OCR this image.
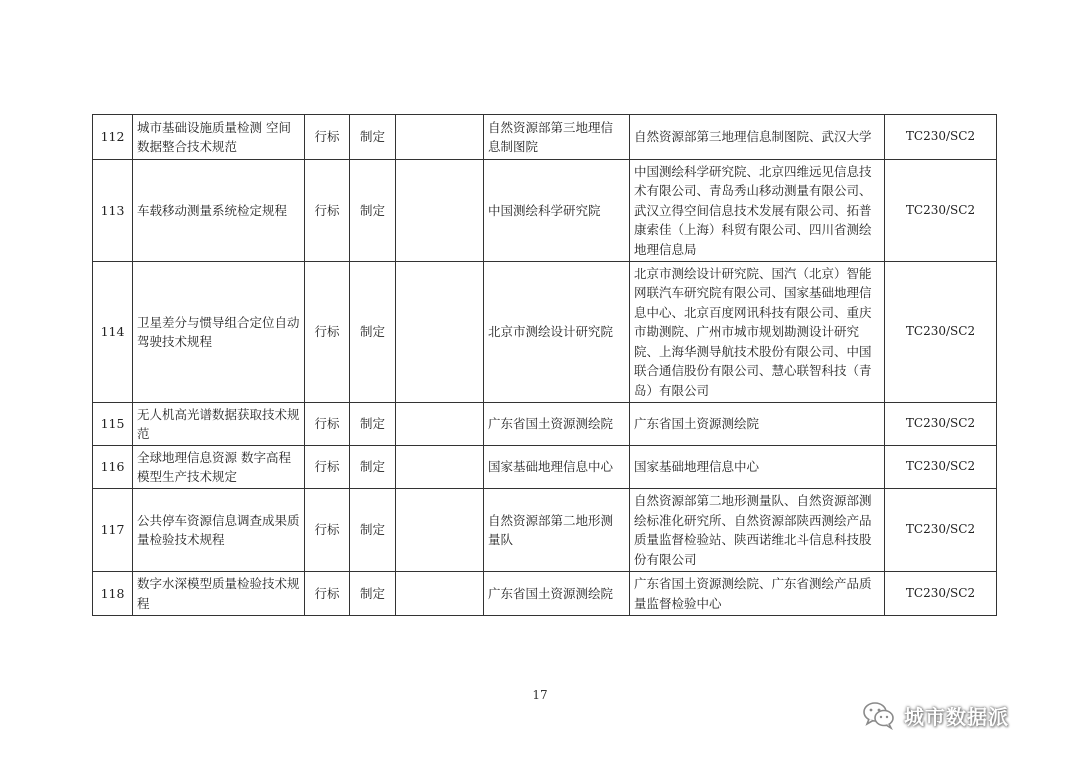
112	城市基础设施质量检测 空间数据整合技术规范	行标	制定		自然资源部第三地理信息制图院	自然资源部第三地理信息制图院、武汉大学	TC230/SC2
113	车载移动测量系统检定规程	行标	制定		中国测绘科学研究院	中国测绘科学研究院、北京四维远见信息技术有限公司、青岛秀山移动测量有限公司、武汉立得空间信息技术发展有限公司、拓普康索佳（上海）科贸有限公司、四川省测绘地理信息局	TC230/SC2
114	卫星差分与惯导组合定位自动驾驶技术规程	行标	制定		北京市测绘设计研究院	北京市测绘设计研究院、国汽（北京）智能网联汽车研究院有限公司、国家基础地理信息中心、北京百度网讯科技有限公司、重庆市勘测院、广州市城市规划勘测设计研究院、上海华测导航技术股份有限公司、中国联合通信股份有限公司、慧心联智科技（青岛）有限公司	TC230/SC2
115	无人机高光谱数据获取技术规范	行标	制定		广东省国土资源测绘院	广东省国土资源测绘院	TC230/SC2
116	全球地理信息资源 数字高程模型生产技术规定	行标	制定		国家基础地理信息中心	国家基础地理信息中心	TC230/SC2
117	公共停车资源信息调查成果质量检验技术规程	行标	制定		自然资源部第二地形测量队	自然资源部第二地形测量队、自然资源部测绘标准化研究所、自然资源部陕西测绘产品质量监督检验站、陕西诺维北斗信息科技股份有限公司	TC230/SC2
118	数字水深模型质量检验技术规程	行标	制定		广东省国土资源测绘院	广东省国土资源测绘院、广东省测绘产品质量监督检验中心	TC230/SC2
17
城市数据派
